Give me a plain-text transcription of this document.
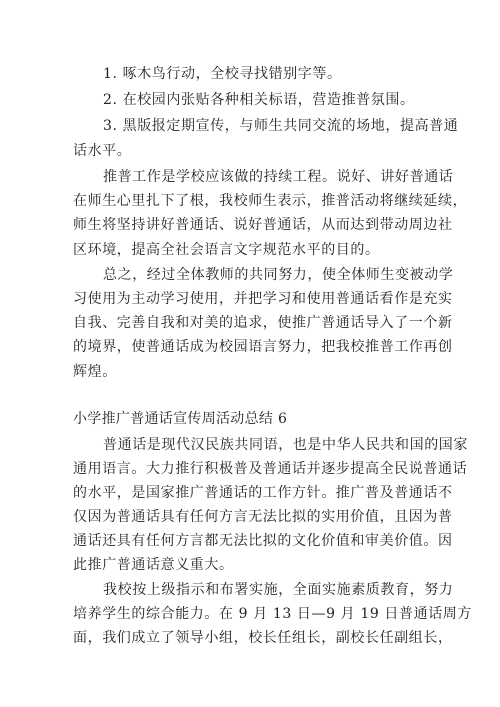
1. 啄木鸟行动，全校寻找错别字等。
2. 在校园内张贴各种相关标语，营造推普氛围。
3. 黑版报定期宣传，与师生共同交流的场地，提高普通
话水平。
推普工作是学校应该做的持续工程。说好、讲好普通话
在师生心里扎下了根，我校师生表示，推普活动将继续延续，
师生将坚持讲好普通话、说好普通话，从而达到带动周边社
区环境，提高全社会语言文字规范水平的目的。
总之，经过全体教师的共同努力，使全体师生变被动学
习使用为主动学习使用，并把学习和使用普通话看作是充实
自我、完善自我和对美的追求，使推广普通话导入了一个新
的境界，使普通话成为校园语言努力，把我校推普工作再创
辉煌。
小学推广普通话宣传周活动总结 6
普通话是现代汉民族共同语，也是中华人民共和国的国家
通用语言。大力推行积极普及普通话并逐步提高全民说普通话
的水平，是国家推广普通话的工作方针。推广普及普通话不
仅因为普通话具有任何方言无法比拟的实用价值，且因为普
通话还具有任何方言都无法比拟的文化价值和审美价值。因
此推广普通话意义重大。
我校按上级指示和布署实施，全面实施素质教育，努力
培养学生的综合能力。在 9 月 13 日—9 月 19 日普通话周方
面，我们成立了领导小组，校长任组长，副校长任副组长，
